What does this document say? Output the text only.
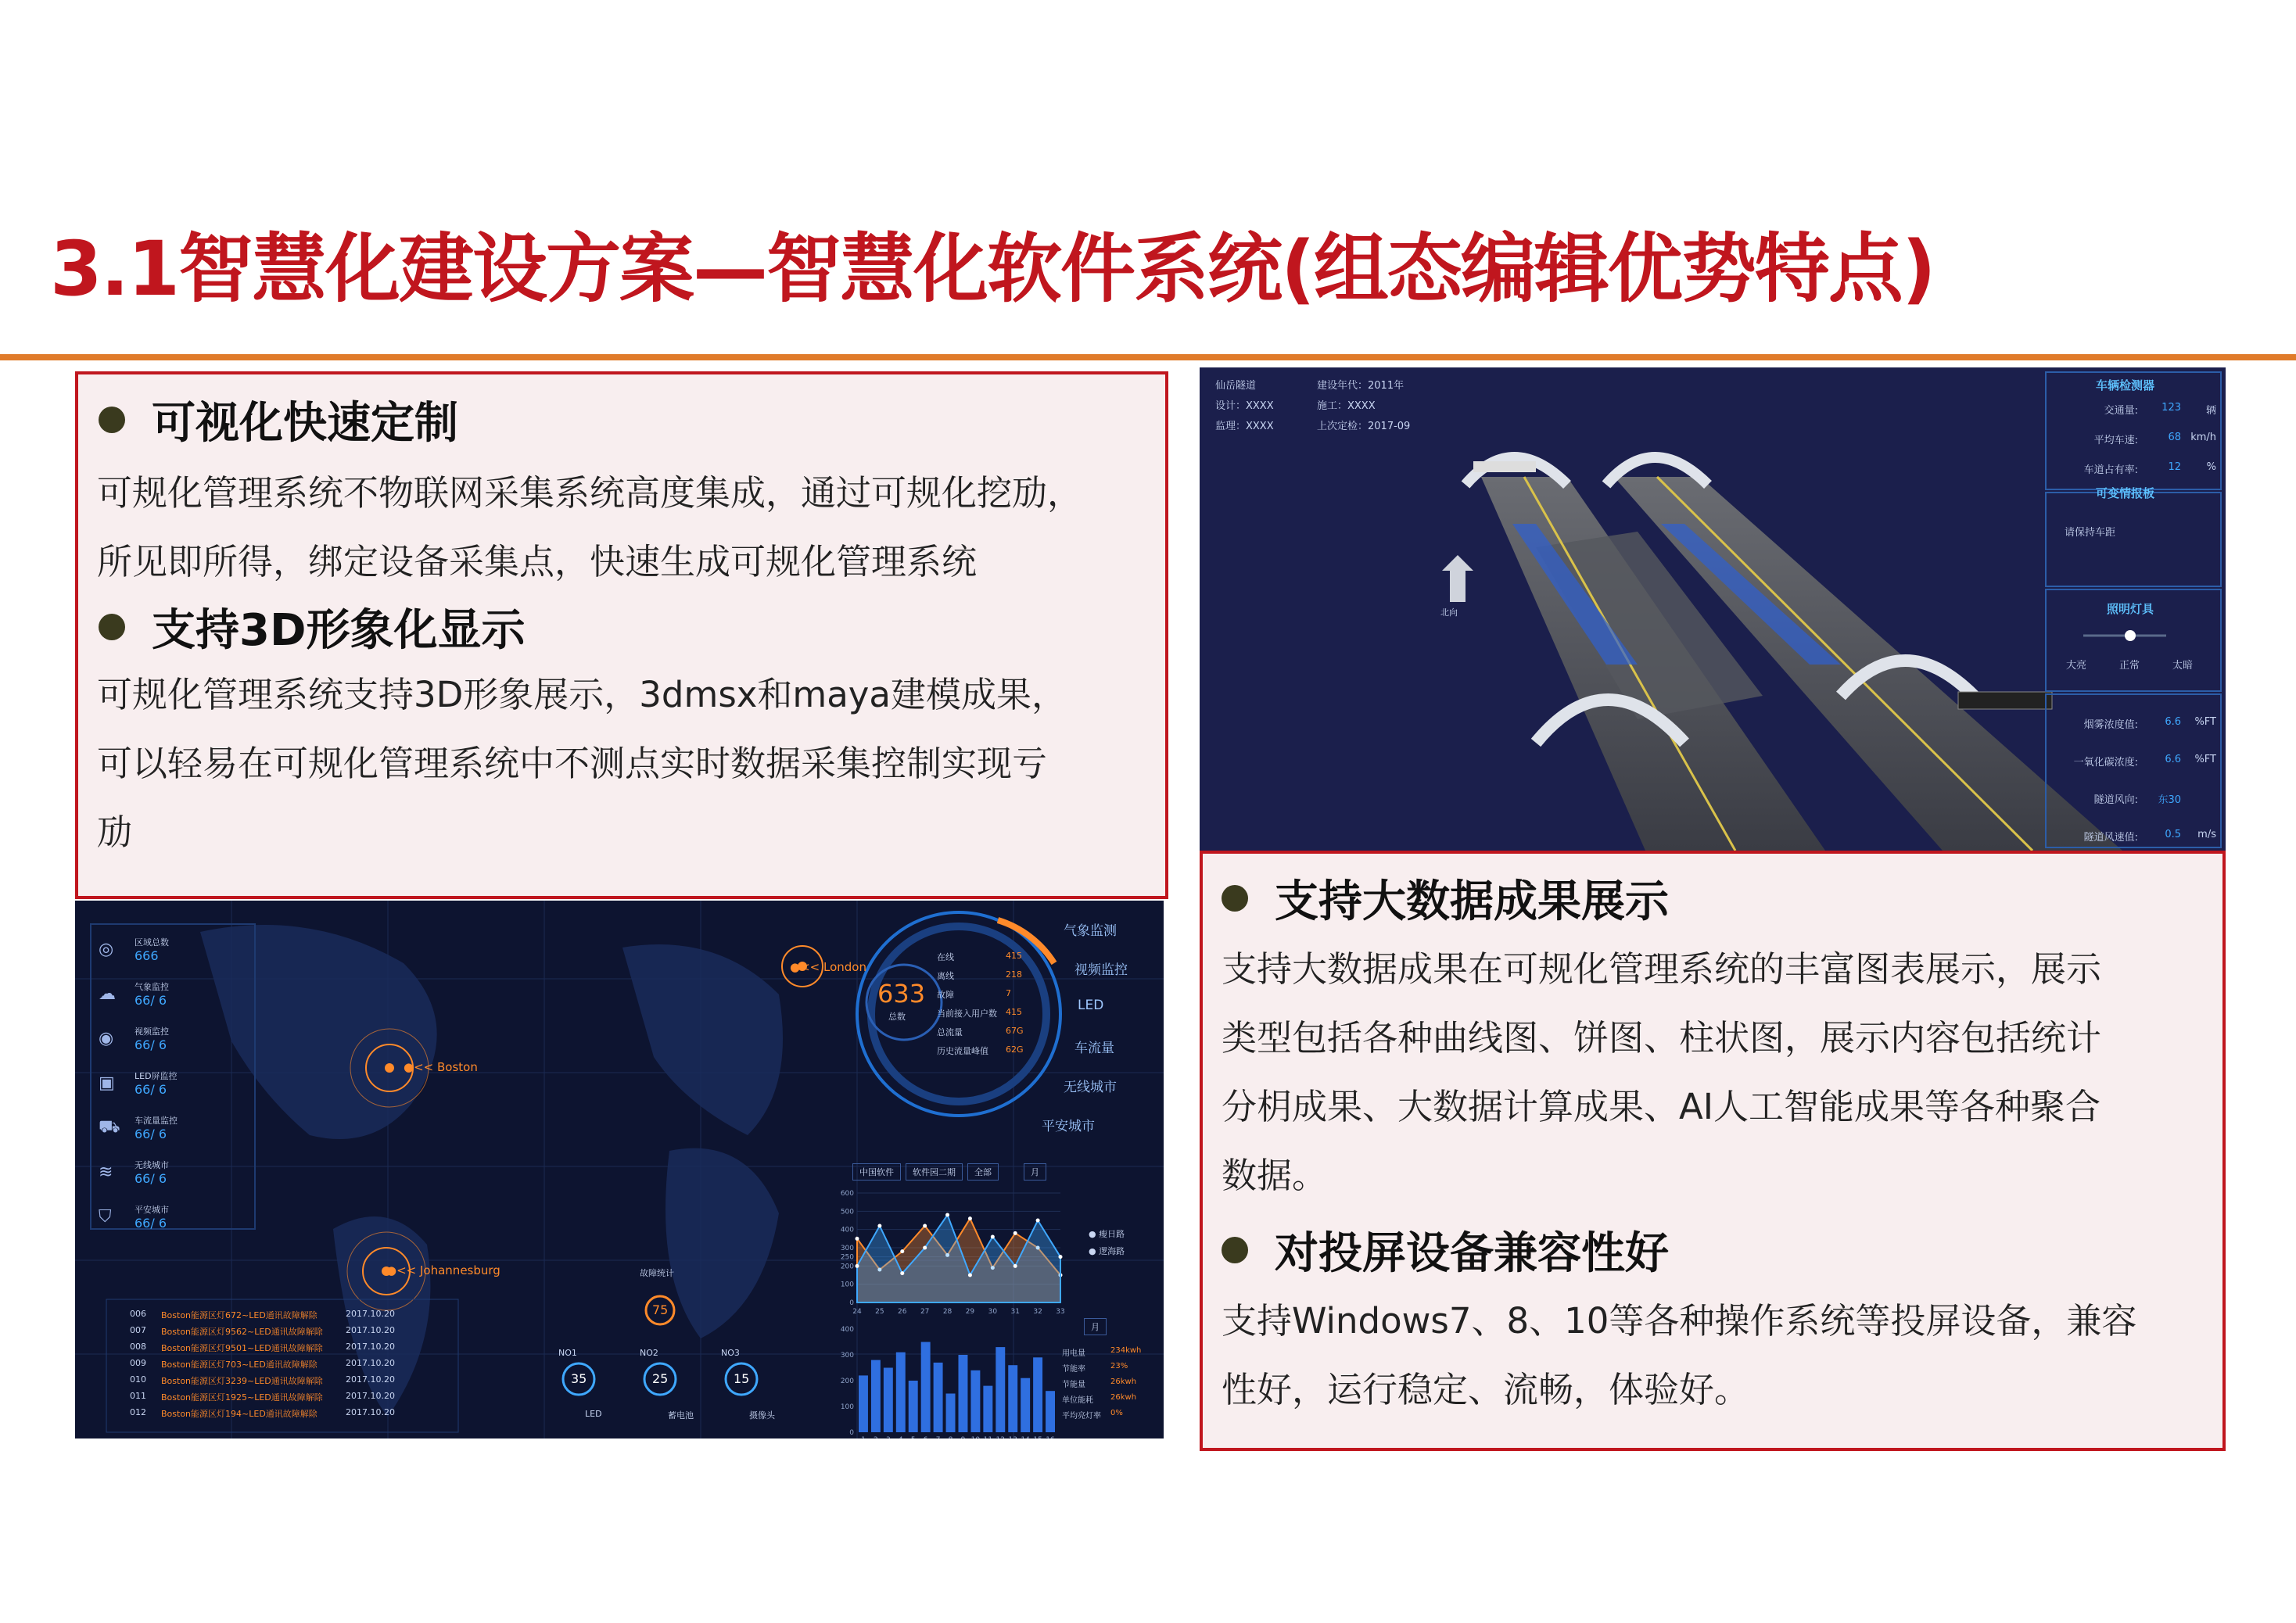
3.1智慧化建设方案—智慧化软件系统(组态编辑优势特点)
可视化快速定制
可规化管理系统不物联网采集系统高度集成，通过可规化挖劢，
所见即所得，绑定设备采集点，快速生成可规化管理系统
支持3D形象化显示
可规化管理系统支持3D形象展示，3dmsx和maya建模成果，
可以轻易在可规化管理系统中不测点实时数据采集控制实现亏
劢
仙岳隧道	建设年代：2011年
设计：XXXX	施工：XXXX
监理：XXXX	上次定检：2017-09
北向
车辆检测器
交通量:	123	辆
平均车速:	68 km/h
车道占有率:	12	%
可变情报板
请保持车距
照明灯具
大亮	正常	太暗
烟雾浓度值:	6.6	%FT
一氧化碳浓度:	6.6	%FT
隧道风向:	东30
隧道风速值:	0.5	m/s
◎	区域总数
666
☁	气象监控
66/ 6
◉	视频监控
66/ 6
▣	LED屏监控
66/ 6
⛟ 车流量监控
66/ 6
≋	无线城市
66/ 6
⛉	平安城市
66/ 6
●<< Boston
●<< Johannesburg
●<< London
633
总数
在线	415
离线	218
故障	7
当前接入用户数	415
总流量	67G
历史流量峰值	62G
气象监测
视频监控
LED
车流量
无线城市
平安城市
006	Boston能源区灯672~LED通讯故障解除	2017.10.20
007	Boston能源区灯9562~LED通讯故障解除	2017.10.20
008	Boston能源区灯9501~LED通讯故障解除	2017.10.20
009	Boston能源区灯703~LED通讯故障解除	2017.10.20
010	Boston能源区灯3239~LED通讯故障解除	2017.10.20
011	Boston能源区灯1925~LED通讯故障解除	2017.10.20
012	Boston能源区灯194~LED通讯故障解除	2017.10.20
故障统计
75
NO1	NO2	NO3
35	25	15
LED	蓄电池	摄像头
中国软件	软件园二期	全部	月
月
● 瘦日路
● 逻海路
用电量	234kwh
节能率	23%
节能量	26kwh
单位能耗	26kwh
平均亮灯率	0%
600
500
400
300
250
200
100
0
24 25 26 27 28 29 30 31 32 33
400
300
200
100
0
1 2 3 4 5 6 7 8 9 10 11 12 13 14 15 16
支持大数据成果展示
支持大数据成果在可规化管理系统的丰富图表展示，展示
类型包括各种曲线图、饼图、柱状图，展示内容包括统计
分枂成果、大数据计算成果、AI人工智能成果等各种聚合
数据。
对投屏设备兼容性好
支持Windows7、8、10等各种操作系统等投屏设备，兼容
性好，运行稳定、流畅，体验好。
